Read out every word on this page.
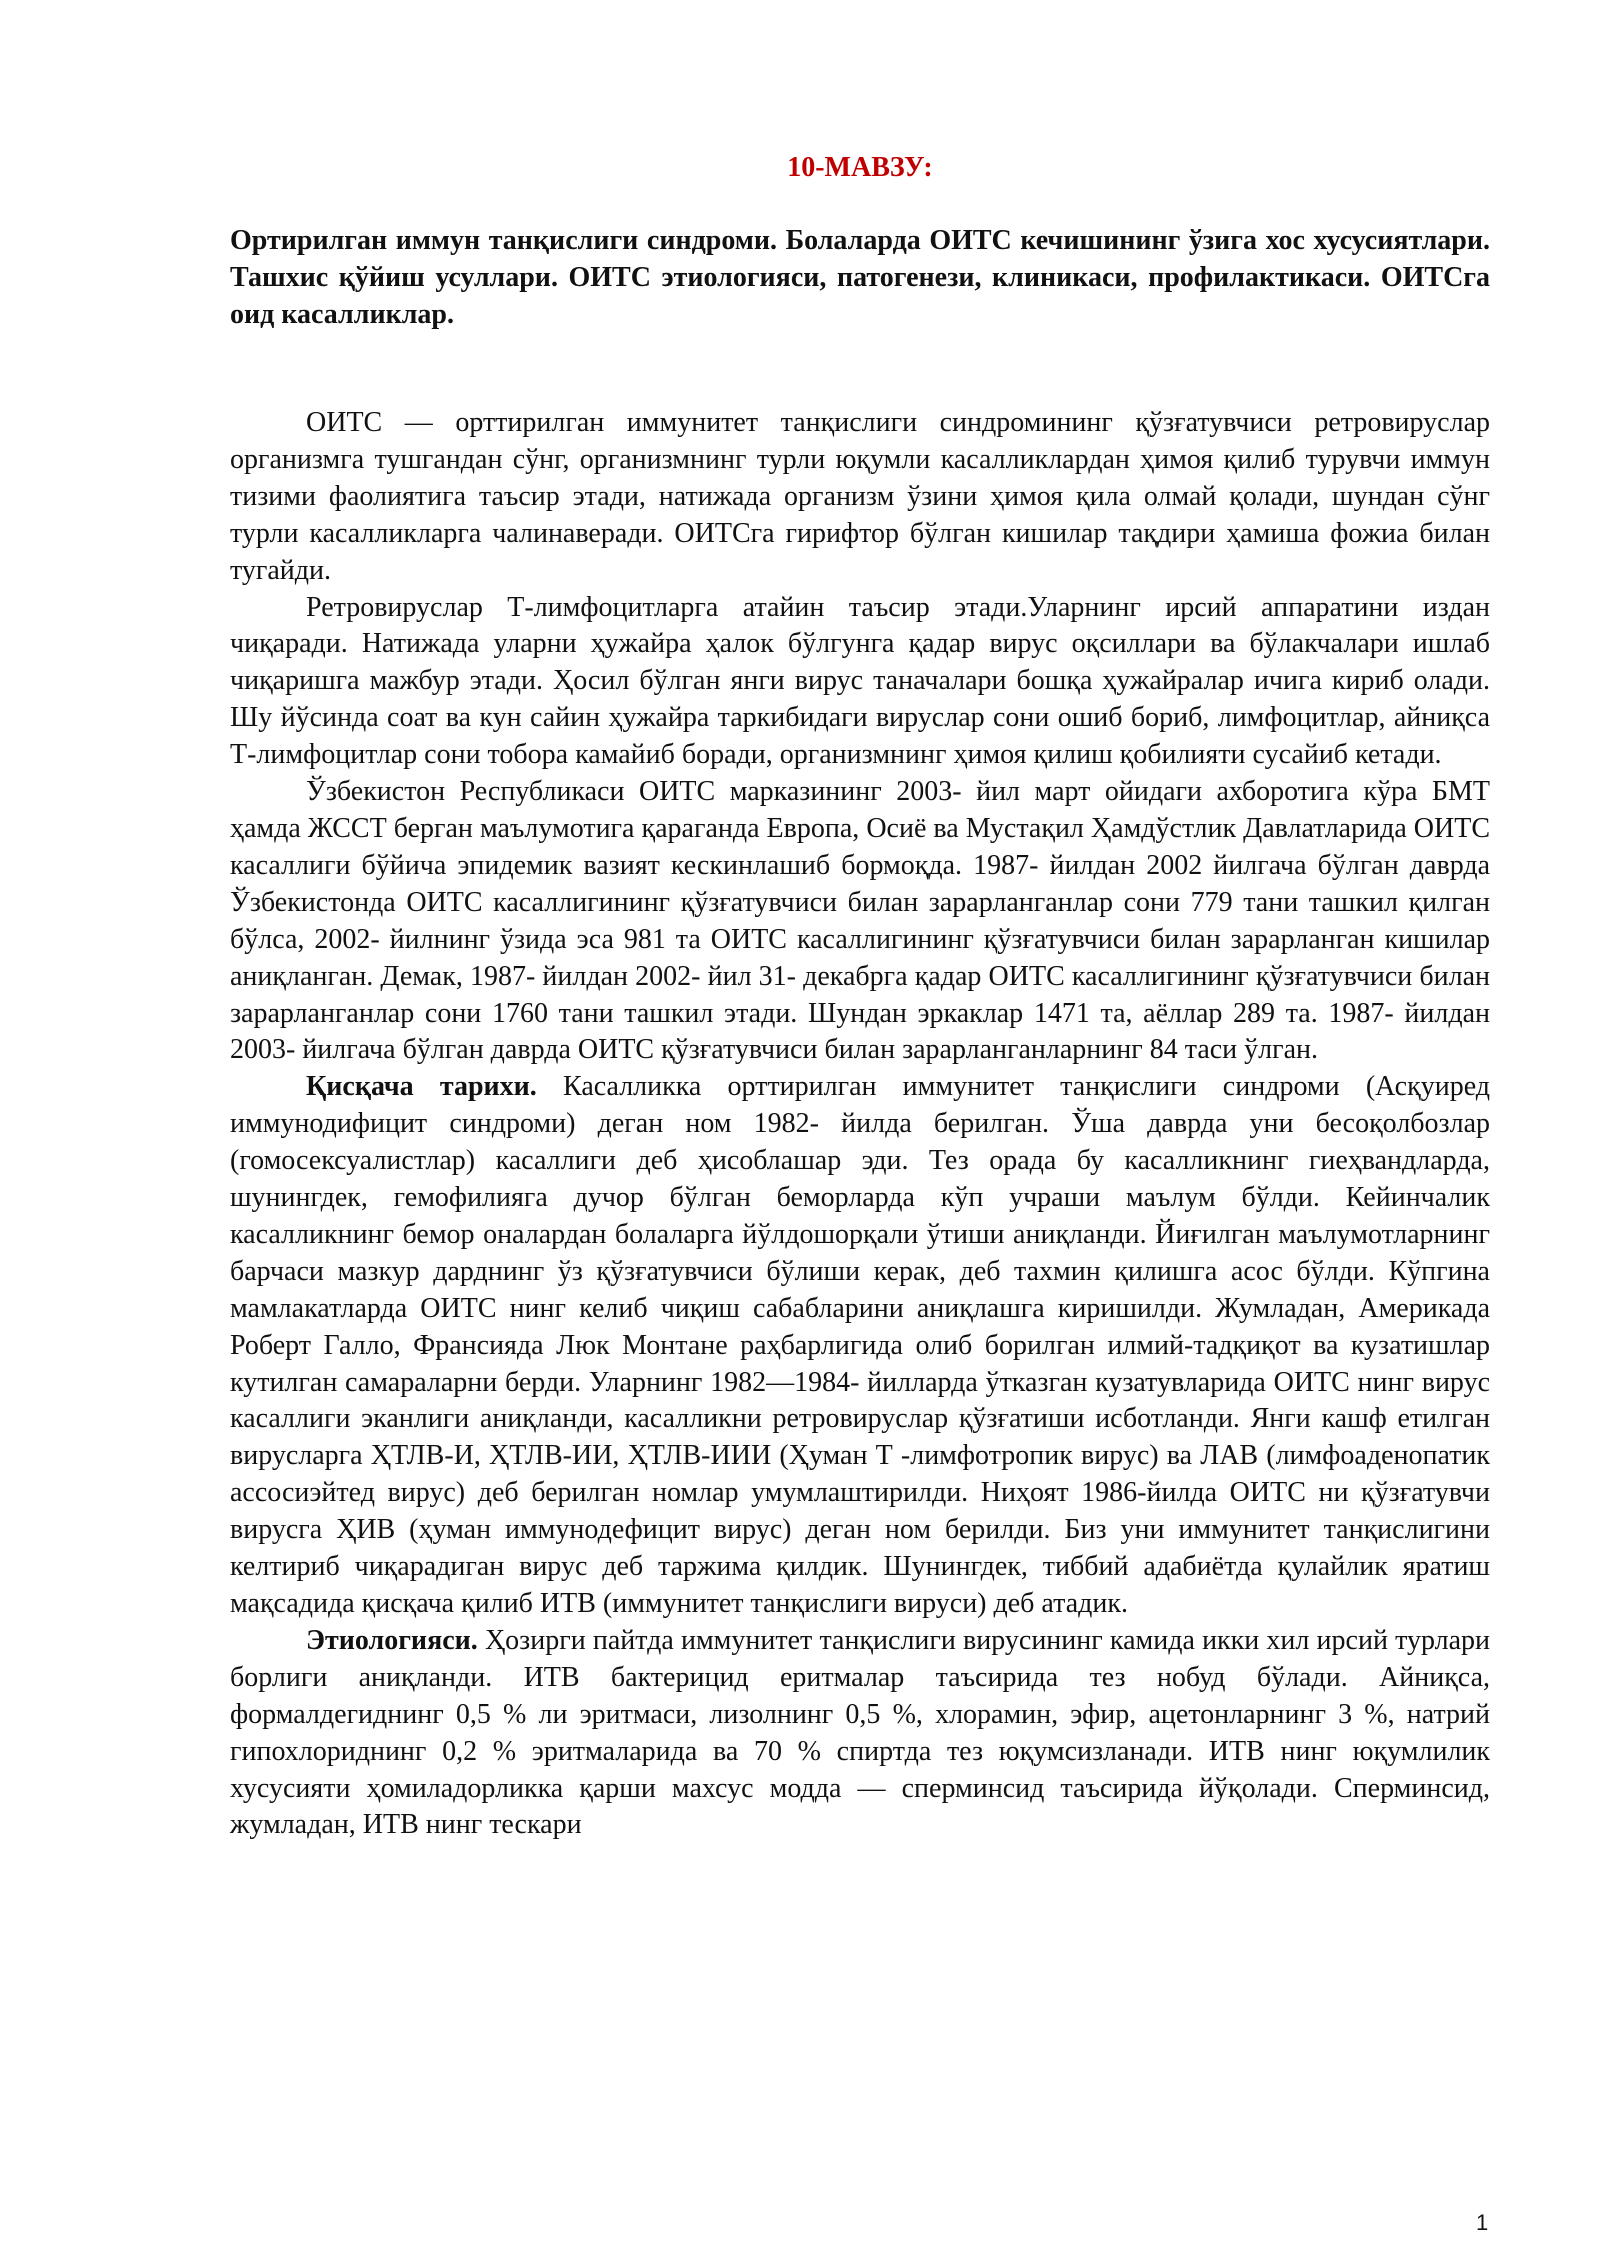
10-МАВЗУ:
Ортирилган иммун танқислиги синдроми. Болаларда ОИТС кечишининг ўзига хос хусусиятлари. Ташхис қўйиш усуллари. ОИТС этиологияси, патогенези, клиникаси, профилактикаси. ОИТСга оид касалликлар.

ОИТС — орттирилган иммунитет танқислиги синдромининг қўзғатувчиси ретровируслар организмга тушгандан сўнг, организмнинг турли юқумли касалликлардан ҳимоя қилиб турувчи иммун тизими фаолиятига таъсир этади, натижада организм ўзини ҳимоя қила олмай қолади, шундан сўнг турли касалликларга чалинаверади. ОИТСга гирифтор бўлган кишилар тақдири ҳамиша фожиа билан тугайди.

Ретровируслар Т-лимфоцитларга атайин таъсир этади.Уларнинг ирсий аппаратини издан чиқаради. Натижада уларни ҳужайра ҳалок бўлгунга қадар вирус оқсиллари ва бўлакчалари ишлаб чиқаришга мажбур этади. Ҳосил бўлган янги вирус таначалари бошқа ҳужайралар ичига кириб олади. Шу йўсинда соат ва кун сайин ҳужайра таркибидаги вируслар сони ошиб бориб, лимфоцитлар, айниқса Т-лимфоцитлар сони тобора камайиб боради, организмнинг ҳимоя қилиш қобилияти сусайиб кетади.

Ўзбекистон Республикаси ОИТС марказининг 2003- йил март ойидаги ахборотига кўра БМТ ҳамда ЖССТ берган маълумотига қараганда Европа, Осиё ва Мустақил Ҳамдўстлик Давлатларида ОИТС касаллиги бўйича эпидемик вазият кескинлашиб бормоқда. 1987- йилдан 2002 йилгача бўлган даврда Ўзбекистонда ОИТС касаллигининг қўзғатувчиси билан зарарланганлар сони 779 тани ташкил қилган бўлса, 2002- йилнинг ўзида эса 981 та ОИТС касаллигининг қўзғатувчиси билан зарарланган кишилар аниқланган. Демак, 1987- йилдан 2002- йил 31- декабрга қадар ОИТС касаллигининг қўзғатувчиси билан зарарланганлар сони 1760 тани ташкил этади. Шундан эркаклар 1471 та, аёллар 289 та. 1987- йилдан 2003- йилгача бўлган даврда ОИТС қўзғатувчиси билан зарарланганларнинг 84 таси ўлган.

Қисқача тарихи. Касалликка орттирилган иммунитет танқислиги синдроми (Асқуиред иммунодифицит синдроми) деган ном 1982- йилда берилган. Ўша даврда уни бесоқолбозлар (гомосексуалистлар) касаллиги деб ҳисоблашар эди. Тез орада бу касалликнинг гиеҳвандларда, шунингдек, гемофилияга дучор бўлган беморларда кўп учраши маълум бўлди. Кейинчалик касалликнинг бемор оналардан болаларга йўлдошорқали ўтиши аниқланди. Йиғилган маълумотларнинг барчаси мазкур дарднинг ўз қўзғатувчиси бўлиши керак, деб тахмин қилишга асос бўлди. Кўпгина мамлакатларда ОИТС нинг келиб чиқиш сабабларини аниқлашга киришилди. Жумладан, Америкада Роберт Галло, Франсияда Люк Монтане раҳбарлигида олиб борилган илмий-тадқиқот ва кузатишлар кутилган самараларни берди. Уларнинг 1982—1984- йилларда ўтказган кузатувларида ОИТС нинг вирус касаллиги эканлиги аниқланди, касалликни ретровируслар қўзғатиши исботланди. Янги кашф етилган вирусларга ҲТЛВ-И, ҲТЛВ-ИИ, ҲТЛВ-ИИИ (Ҳуман Т -лимфотропик вирус) ва ЛАВ (лимфоаденопатик ассосиэйтед вирус) деб берилган номлар умумлаштирилди. Ниҳоят 1986-йилда ОИТС ни қўзғатувчи вирусга ҲИВ (ҳуман иммунодефицит вирус) деган ном берилди. Биз уни иммунитет танқислигини келтириб чиқарадиган вирус деб таржима қилдик. Шунингдек, тиббий адабиётда қулайлик яратиш мақсадида қисқача қилиб ИТВ (иммунитет танқислиги вируси) деб атадик.

Этиологияси. Ҳозирги пайтда иммунитет танқислиги вирусининг камида икки хил ирсий турлари борлиги аниқланди. ИТВ бактерицид еритмалар таъсирида тез нобуд бўлади. Айниқса, формалдегиднинг 0,5 % ли эритмаси, лизолнинг 0,5 %, хлорамин, эфир, ацетонларнинг 3 %, натрий гипохлориднинг 0,2 % эритмаларида ва 70 % спиртда тез юқумсизланади. ИТВ нинг юқумлилик хусусияти ҳомиладорликка қарши махсус модда — сперминсид таъсирида йўқолади. Сперминсид, жумладан, ИТВ нинг тескари

1
